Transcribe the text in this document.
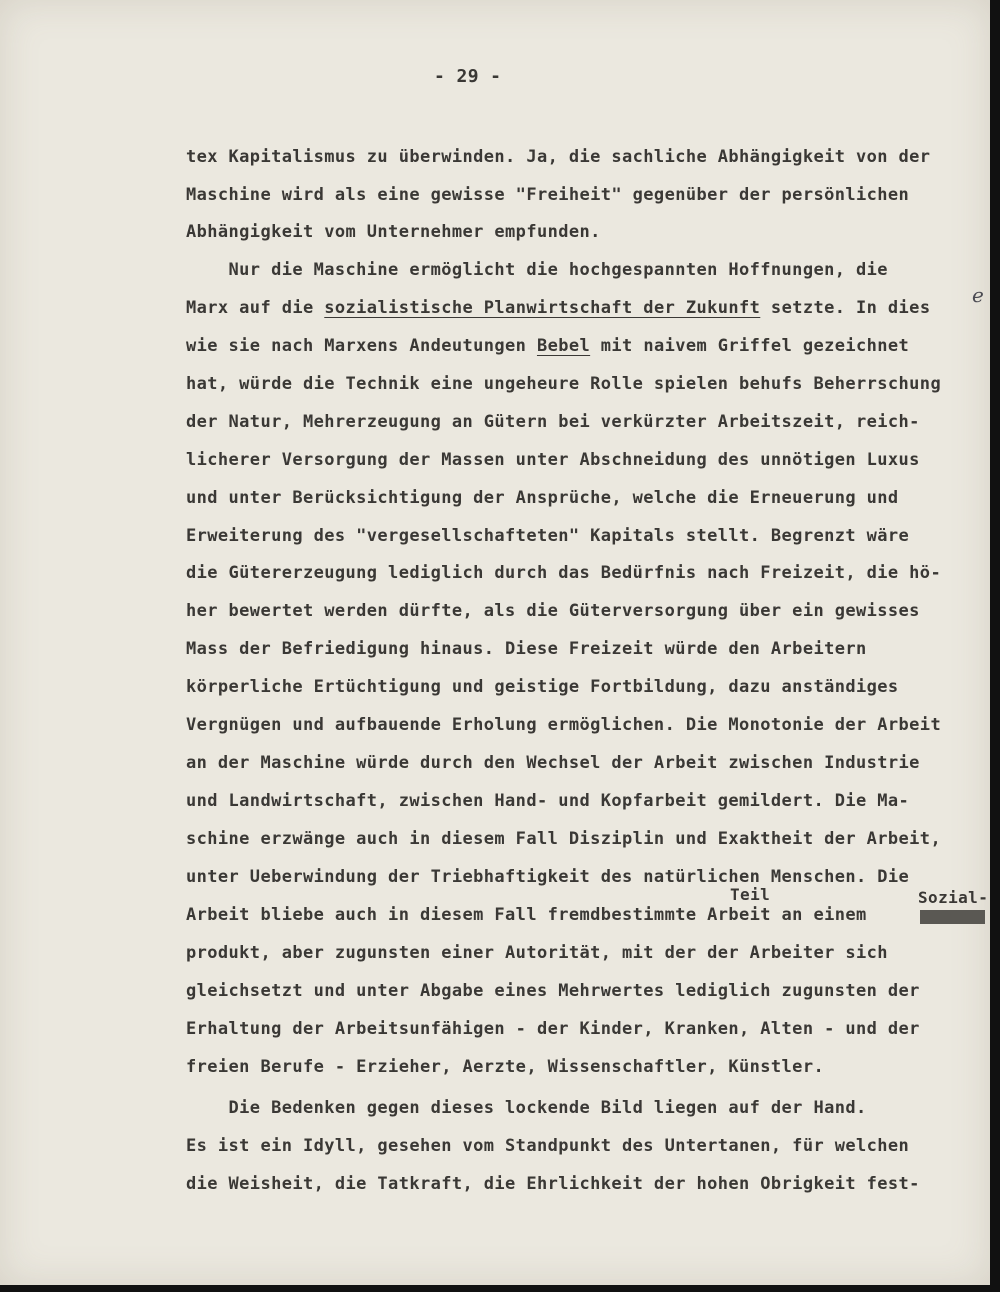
- 29 -
tex Kapitalismus zu überwinden. Ja, die sachliche Abhängigkeit von der
Maschine wird als eine gewisse "Freiheit" gegenüber der persönlichen
Abhängigkeit vom Unternehmer empfunden.
Nur die Maschine ermöglicht die hochgespannten Hoffnungen, die
Marx auf die sozialistische Planwirtschaft der Zukunft setzte. In dies
e
wie sie nach Marxens Andeutungen Bebel mit naivem Griffel gezeichnet
hat, würde die Technik eine ungeheure Rolle spielen behufs Beherrschung
der Natur, Mehrerzeugung an Gütern bei verkürzter Arbeitszeit, reich-
licherer Versorgung der Massen unter Abschneidung des unnötigen Luxus
und unter Berücksichtigung der Ansprüche, welche die Erneuerung und
Erweiterung des "vergesellschafteten" Kapitals stellt. Begrenzt wäre
die Gütererzeugung lediglich durch das Bedürfnis nach Freizeit, die hö-
her bewertet werden dürfte, als die Güterversorgung über ein gewisses
Mass der Befriedigung hinaus. Diese Freizeit würde den Arbeitern
körperliche Ertüchtigung und geistige Fortbildung, dazu anständiges
Vergnügen und aufbauende Erholung ermöglichen. Die Monotonie der Arbeit
an der Maschine würde durch den Wechsel der Arbeit zwischen Industrie
und Landwirtschaft, zwischen Hand- und Kopfarbeit gemildert. Die Ma-
schine erzwänge auch in diesem Fall Disziplin und Exaktheit der Arbeit,
unter Ueberwindung der Triebhaftigkeit des natürlichen Menschen. Die
Teil	Sozial-
Arbeit bliebe auch in diesem Fall fremdbestimmte Arbeit an einem
produkt, aber zugunsten einer Autorität, mit der der Arbeiter sich
gleichsetzt und unter Abgabe eines Mehrwertes lediglich zugunsten der
Erhaltung der Arbeitsunfähigen - der Kinder, Kranken, Alten - und der
freien Berufe - Erzieher, Aerzte, Wissenschaftler, Künstler.
Die Bedenken gegen dieses lockende Bild liegen auf der Hand.
Es ist ein Idyll, gesehen vom Standpunkt des Untertanen, für welchen
die Weisheit, die Tatkraft, die Ehrlichkeit der hohen Obrigkeit fest-
